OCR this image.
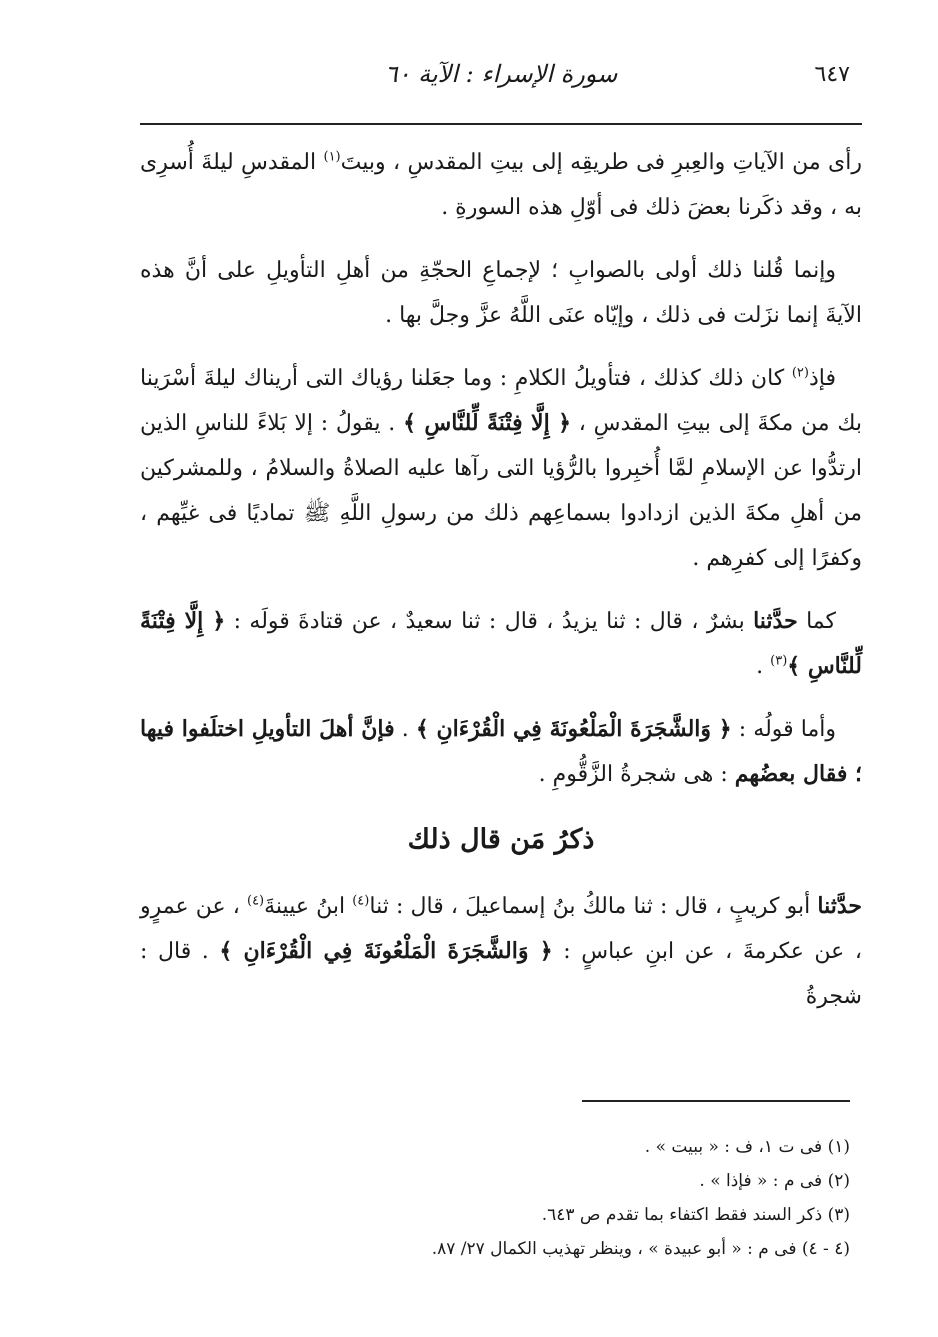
٦٤٧
سورة الإسراء : الآية ٦٠

رأى من الآياتِ والعِبرِ فى طريقِه إلى بيتِ المقدسِ ، وبيتَ$^{(١)}$ المقدسِ ليلةَ أُسرِى به ، وقد ذكَرنا بعضَ ذلك فى أوّلِ هذه السورةِ .

وإنما قُلنا ذلك أولى بالصوابِ ؛ لإجماعِ الحجّةِ من أهلِ التأويلِ على أنَّ هذه الآيةَ إنما نزَلت فى ذلك ، وإيّاه عنَى اللَّهُ عزَّ وجلَّ بها .

فإذ$^{(٢)}$ كان ذلك كذلك ، فتأويلُ الكلامِ : وما جعَلنا رؤياك التى أريناك ليلةَ أسْرَينا بك من مكةَ إلى بيتِ المقدسِ ، ﴿ إِلَّا فِتْنَةً لِّلنَّاسِ ﴾ . يقولُ : إلا بَلاءً للناسِ الذين ارتدُّوا عن الإسلامِ لمَّا أُخبِروا بالرُّؤيا التى رآها عليه الصلاةُ والسلامُ ، وللمشركين من أهلِ مكةَ الذين ازدادوا بسماعِهم ذلك من رسولِ اللَّهِ ﷺ تماديًا فى غيِّهم ، وكفرًا إلى كفرِهم .

كما حدَّثنا بشرٌ ، قال : ثنا يزيدُ ، قال : ثنا سعيدٌ ، عن قتادةَ قولَه : ﴿ إِلَّا فِتْنَةً لِّلنَّاسِ ﴾$^{(٣)}$ .

وأما قولُه : ﴿ وَالشَّجَرَةَ الْمَلْعُونَةَ فِي الْقُرْءَانِ ﴾ . فإنَّ أهلَ التأويلِ اختلَفوا فيها ؛ فقال بعضُهم : هى شجرةُ الزَّقُّومِ .

ذكرُ مَن قال ذلك

حدَّثنا أبو كريبٍ ، قال : ثنا مالكُ بنُ إسماعيلَ ، قال : ثنا$^{(٤)}$ ابنُ عيينةَ$^{(٤)}$ ، عن عمرٍو ، عن عكرمةَ ، عن ابنِ عباسٍ : ﴿ وَالشَّجَرَةَ الْمَلْعُونَةَ فِي الْقُرْءَانِ ﴾ . قال : شجرةُ

(١) فى ت ١، ف : « ببيت » .
(٢) فى م : « فإذا » .
(٣) ذكر السند فقط اكتفاء بما تقدم ص ٦٤٣.
(٤ - ٤) فى م : « أبو عبيدة » ، وينظر تهذيب الكمال ٢٧/ ٨٧.
